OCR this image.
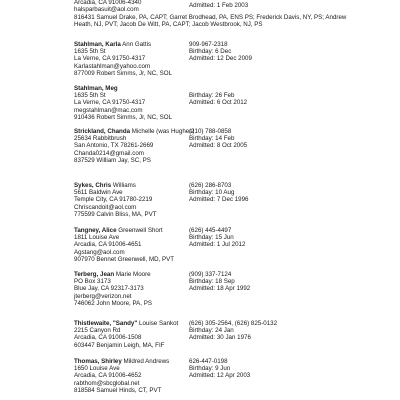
Arcadia, CA 91006-4340
halsparbasuit@aol.com
Admitted: 1 Feb 2003
816431 Samuel Drake, PA, CAPT; Garret Brodhead, PA, ENS PS; Frederick Davis, NY, PS; Andrew Heath, NJ, PVT; Jacob De Witt, PA, CAPT; Jacob Westbrook, NJ, PS
Stahlman, Karla Ann Gattis
1635 5th St
La Verne, CA 91750-4317
Karlastahlman@yahoo.com
877009 Robert Simms, Jr, NC, SOL
909-967-2318
Birthday: 6 Dec
Admitted: 12 Dec 2009
Stahlman, Meg
1635 5th St
La Verne, CA 91750-4317
megstahlman@mac.com
910436 Robert Simms, Jr, NC, SOL
Birthday: 26 Feb
Admitted: 6 Oct 2012
Strickland, Chanda Michelle (was Hughes)
25634 Rabbitbrush
San Antonio, TX 78261-2669
Chanda0214@gmail.com
837529 William Jay, SC, PS
(210) 788-0858
Birthday: 14 Feb
Admitted: 8 Oct 2005
Sykes, Chris Williams
5611 Baldwin Ave
Temple City, CA 91780-2219
Chriscandoit@aol.com
775599 Calvin Bliss, MA, PVT
(626) 286-8703
Birthday: 10 Aug
Admitted: 7 Dec 1996
Tangney, Alice Greenwell Short
1811 Louise Ave
Arcadia, CA 91006-4651
Agstang@aol.com
907970 Bennet Greenwell, MD, PVT
(626) 445-4497
Birthday: 15 Jun
Admitted: 1 Jul 2012
Terberg, Jean Marie Moore
PO Box 3173
Blue Jay, CA 92317-3173
jterberg@verizon.net
746062 John Moore, PA, PS
(909) 337-7124
Birthday: 18 Sep
Admitted: 18 Apr 1992
Thistlewaite, "Sandy" Louise Sankot
2215 Canyon Rd
Arcadia, CA 91006-1508
603447 Benjamin Leigh, MA, FIF
(626) 305-2564, (626) 825-0132
Birthday: 24 Jan
Admitted: 30 Jan 1976
Thomas, Shirley Mildred Andrews
1650 Louise Ave
Arcadia, CA 91006-4652
rabthom@sbcglobal.net
818584 Samuel Hinds, CT, PVT
626-447-0198
Birthday: 9 Jun
Admitted: 12 Apr 2003
